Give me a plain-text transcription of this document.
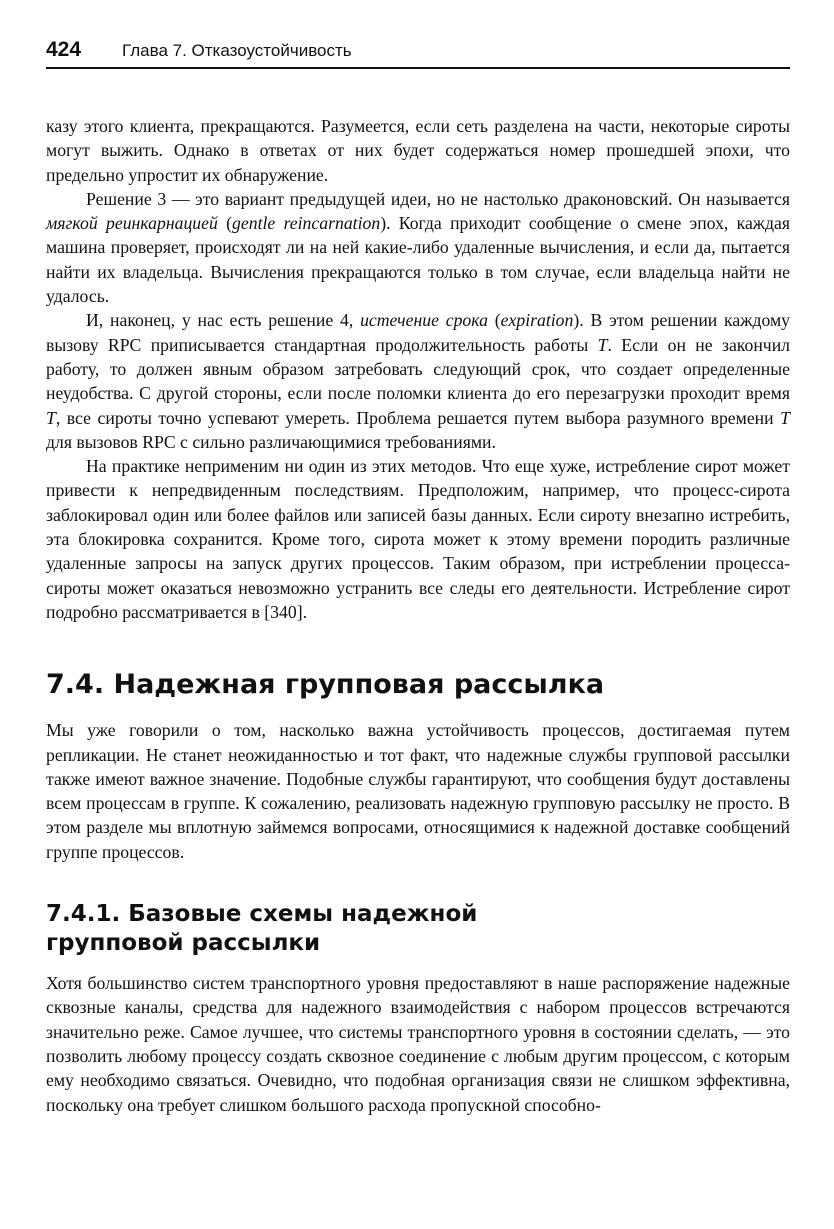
424 Глава 7. Отказоустойчивость

казу этого клиента, прекращаются. Разумеется, если сеть разделена на части, некоторые сироты могут выжить. Однако в ответах от них будет содержаться номер прошедшей эпохи, что предельно упростит их обнаружение.

Решение 3 — это вариант предыдущей идеи, но не настолько драконовский. Он называется мягкой реинкарнацией (gentle reincarnation). Когда приходит сообщение о смене эпох, каждая машина проверяет, происходят ли на ней какие-либо удаленные вычисления, и если да, пытается найти их владельца. Вычисления прекращаются только в том случае, если владельца найти не удалось.

И, наконец, у нас есть решение 4, истечение срока (expiration). В этом решении каждому вызову RPC приписывается стандартная продолжительность работы T. Если он не закончил работу, то должен явным образом затребовать следующий срок, что создает определенные неудобства. С другой стороны, если после поломки клиента до его перезагрузки проходит время T, все сироты точно успевают умереть. Проблема решается путем выбора разумного времени T для вызовов RPC с сильно различающимися требованиями.

На практике неприменим ни один из этих методов. Что еще хуже, истребление сирот может привести к непредвиденным последствиям. Предположим, например, что процесс-сирота заблокировал один или более файлов или записей базы данных. Если сироту внезапно истребить, эта блокировка сохранится. Кроме того, сирота может к этому времени породить различные удаленные запросы на запуск других процессов. Таким образом, при истреблении процесса-сироты может оказаться невозможно устранить все следы его деятельности. Истребление сирот подробно рассматривается в [340].

7.4. Надежная групповая рассылка

Мы уже говорили о том, насколько важна устойчивость процессов, достигаемая путем репликации. Не станет неожиданностью и тот факт, что надежные службы групповой рассылки также имеют важное значение. Подобные службы гарантируют, что сообщения будут доставлены всем процессам в группе. К сожалению, реализовать надежную групповую рассылку не просто. В этом разделе мы вплотную займемся вопросами, относящимися к надежной доставке сообщений группе процессов.

7.4.1. Базовые схемы надежной
групповой рассылки

Хотя большинство систем транспортного уровня предоставляют в наше распоряжение надежные сквозные каналы, средства для надежного взаимодействия с набором процессов встречаются значительно реже. Самое лучшее, что системы транспортного уровня в состоянии сделать, — это позволить любому процессу создать сквозное соединение с любым другим процессом, с которым ему необходимо связаться. Очевидно, что подобная организация связи не слишком эффективна, поскольку она требует слишком большого расхода пропускной способно-
